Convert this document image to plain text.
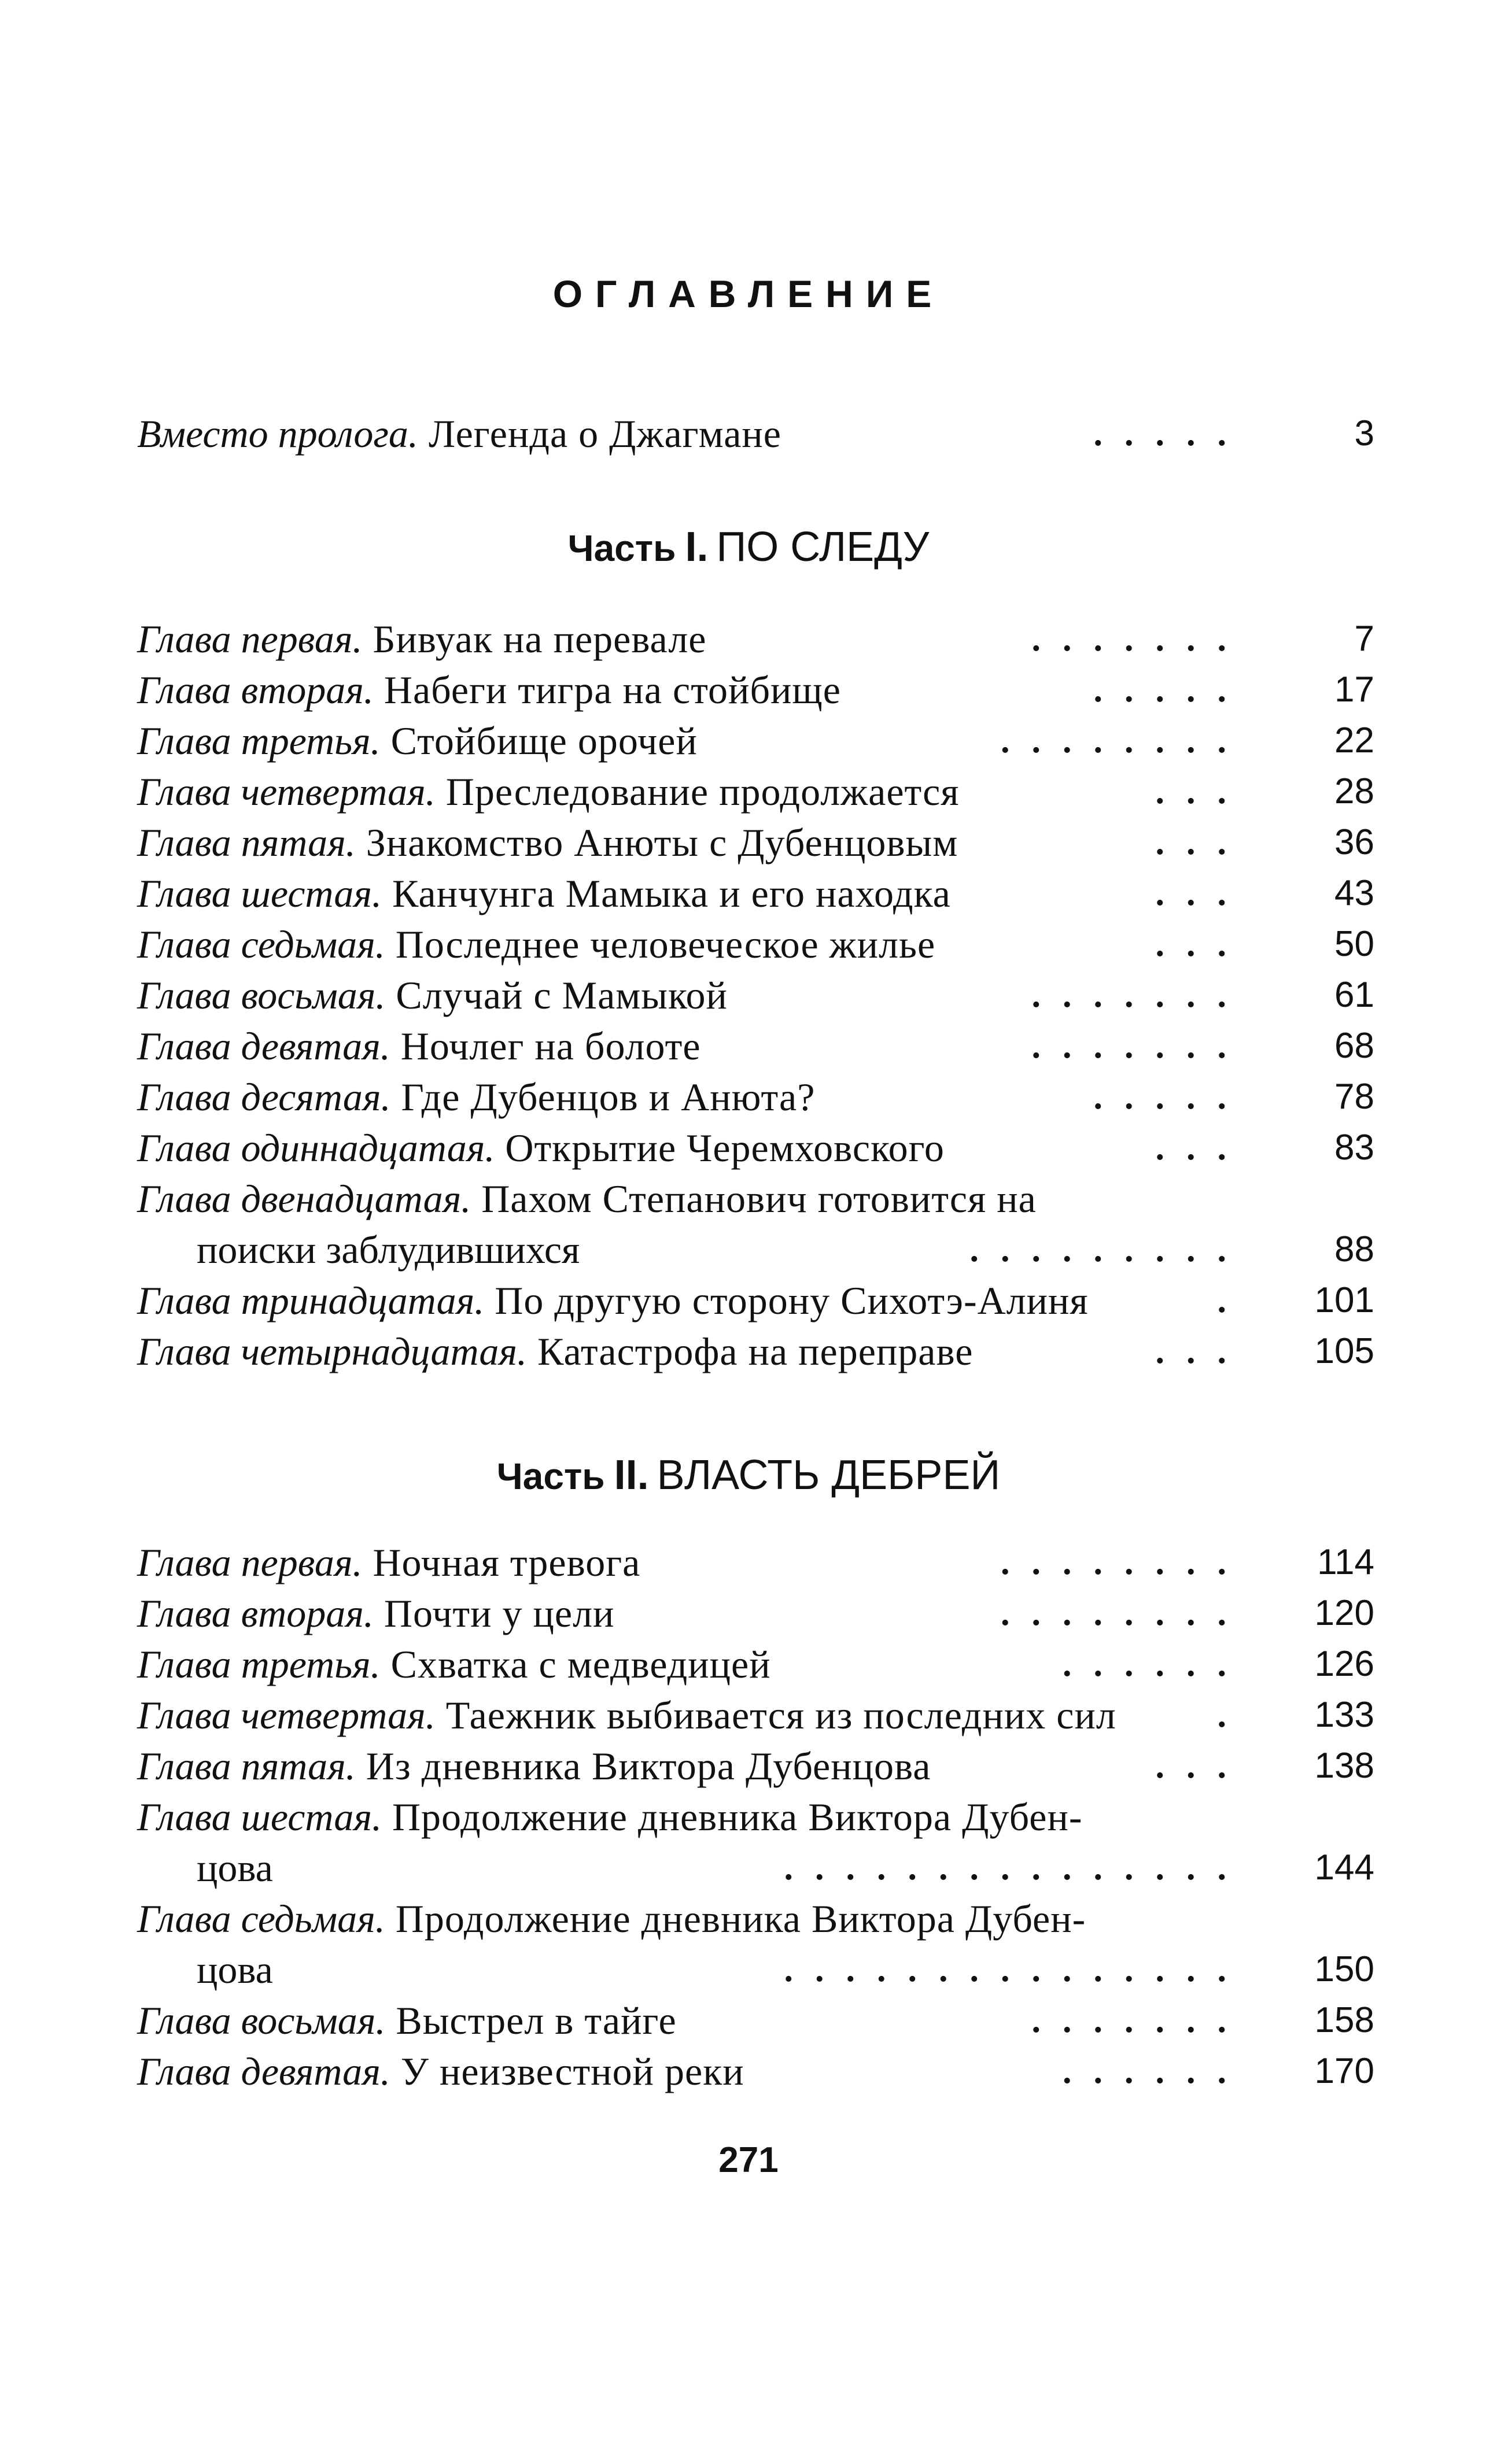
ОГЛАВЛЕНИЕ
Вместо пролога. Легенда о Джагмане	.....	3
Часть I. ПО СЛЕДУ
Глава первая. Бивуак на перевале	.......	7
Глава вторая. Набеги тигра на стойбище	.....	17
Глава третья. Стойбище орочей	........	22
Глава четвертая. Преследование продолжается	...	28
Глава пятая. Знакомство Анюты с Дубенцовым	...	36
Глава шестая. Канчунга Мамыка и его находка	...	43
Глава седьмая. Последнее человеческое жилье	...	50
Глава восьмая. Случай с Мамыкой	.......	61
Глава девятая. Ночлег на болоте	.......	68
Глава десятая. Где Дубенцов и Анюта?	.....	78
Глава одиннадцатая. Открытие Черемховского	...	83
Глава двенадцатая. Пахом Степанович готовится на
поиски заблудившихся	.........	88
Глава тринадцатая. По другую сторону Сихотэ-Алиня	.	101
Глава четырнадцатая. Катастрофа на переправе	...	105
Часть II. ВЛАСТЬ ДЕБРЕЙ
Глава первая. Ночная тревога	........	114
Глава вторая. Почти у цели	........	120
Глава третья. Схватка с медведицей	......	126
Глава четвертая. Таежник выбивается из последних сил	.	133
Глава пятая. Из дневника Виктора Дубенцова	...	138
Глава шестая. Продолжение дневника Виктора Дубен-
цова	...............	144
Глава седьмая. Продолжение дневника Виктора Дубен-
цова	...............	150
Глава восьмая. Выстрел в тайге	.......	158
Глава девятая. У неизвестной реки	......	170
271
